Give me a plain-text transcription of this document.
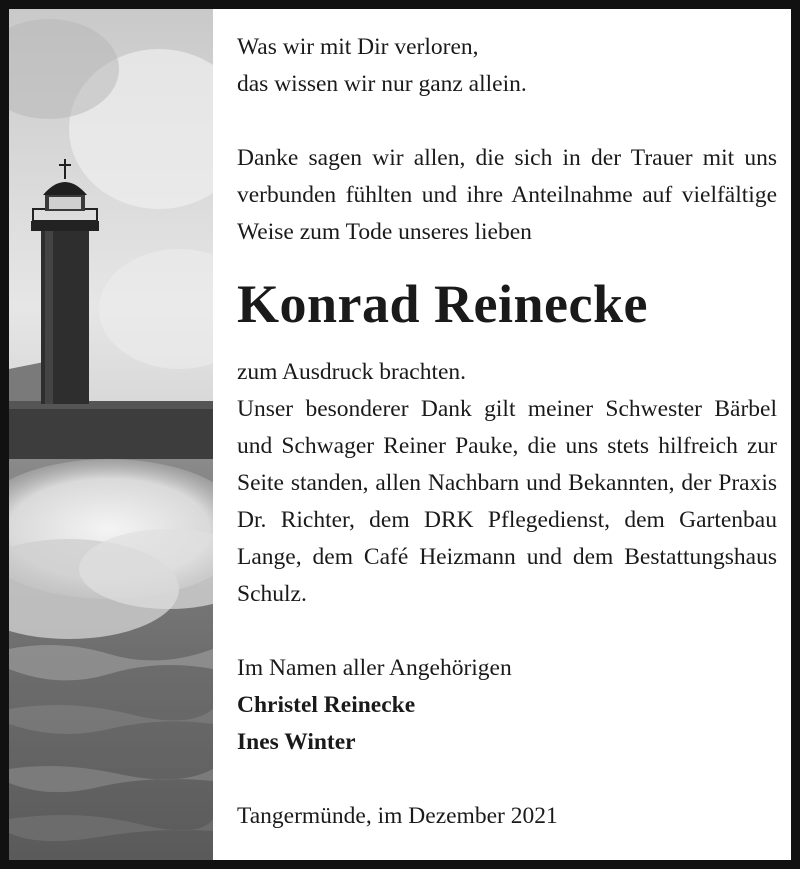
Was wir mit Dir verloren,

das wissen wir nur ganz allein.

Danke sagen wir allen, die sich in der Trauer mit uns verbunden fühlten und ihre Anteilnahme auf vielfältige Weise zum Tode unseres lieben

Konrad Reinecke

zum Ausdruck brachten.

Unser besonderer Dank gilt meiner Schwester Bärbel und Schwager Reiner Pauke, die uns stets hilfreich zur Seite standen, allen Nachbarn und Bekannten, der Praxis Dr. Richter, dem DRK Pflegedienst, dem Gartenbau Lange, dem Café Heizmann und dem Bestattungshaus Schulz.

Im Namen aller Angehörigen

Christel Reinecke

Ines Winter

Tangermünde, im Dezember 2021
